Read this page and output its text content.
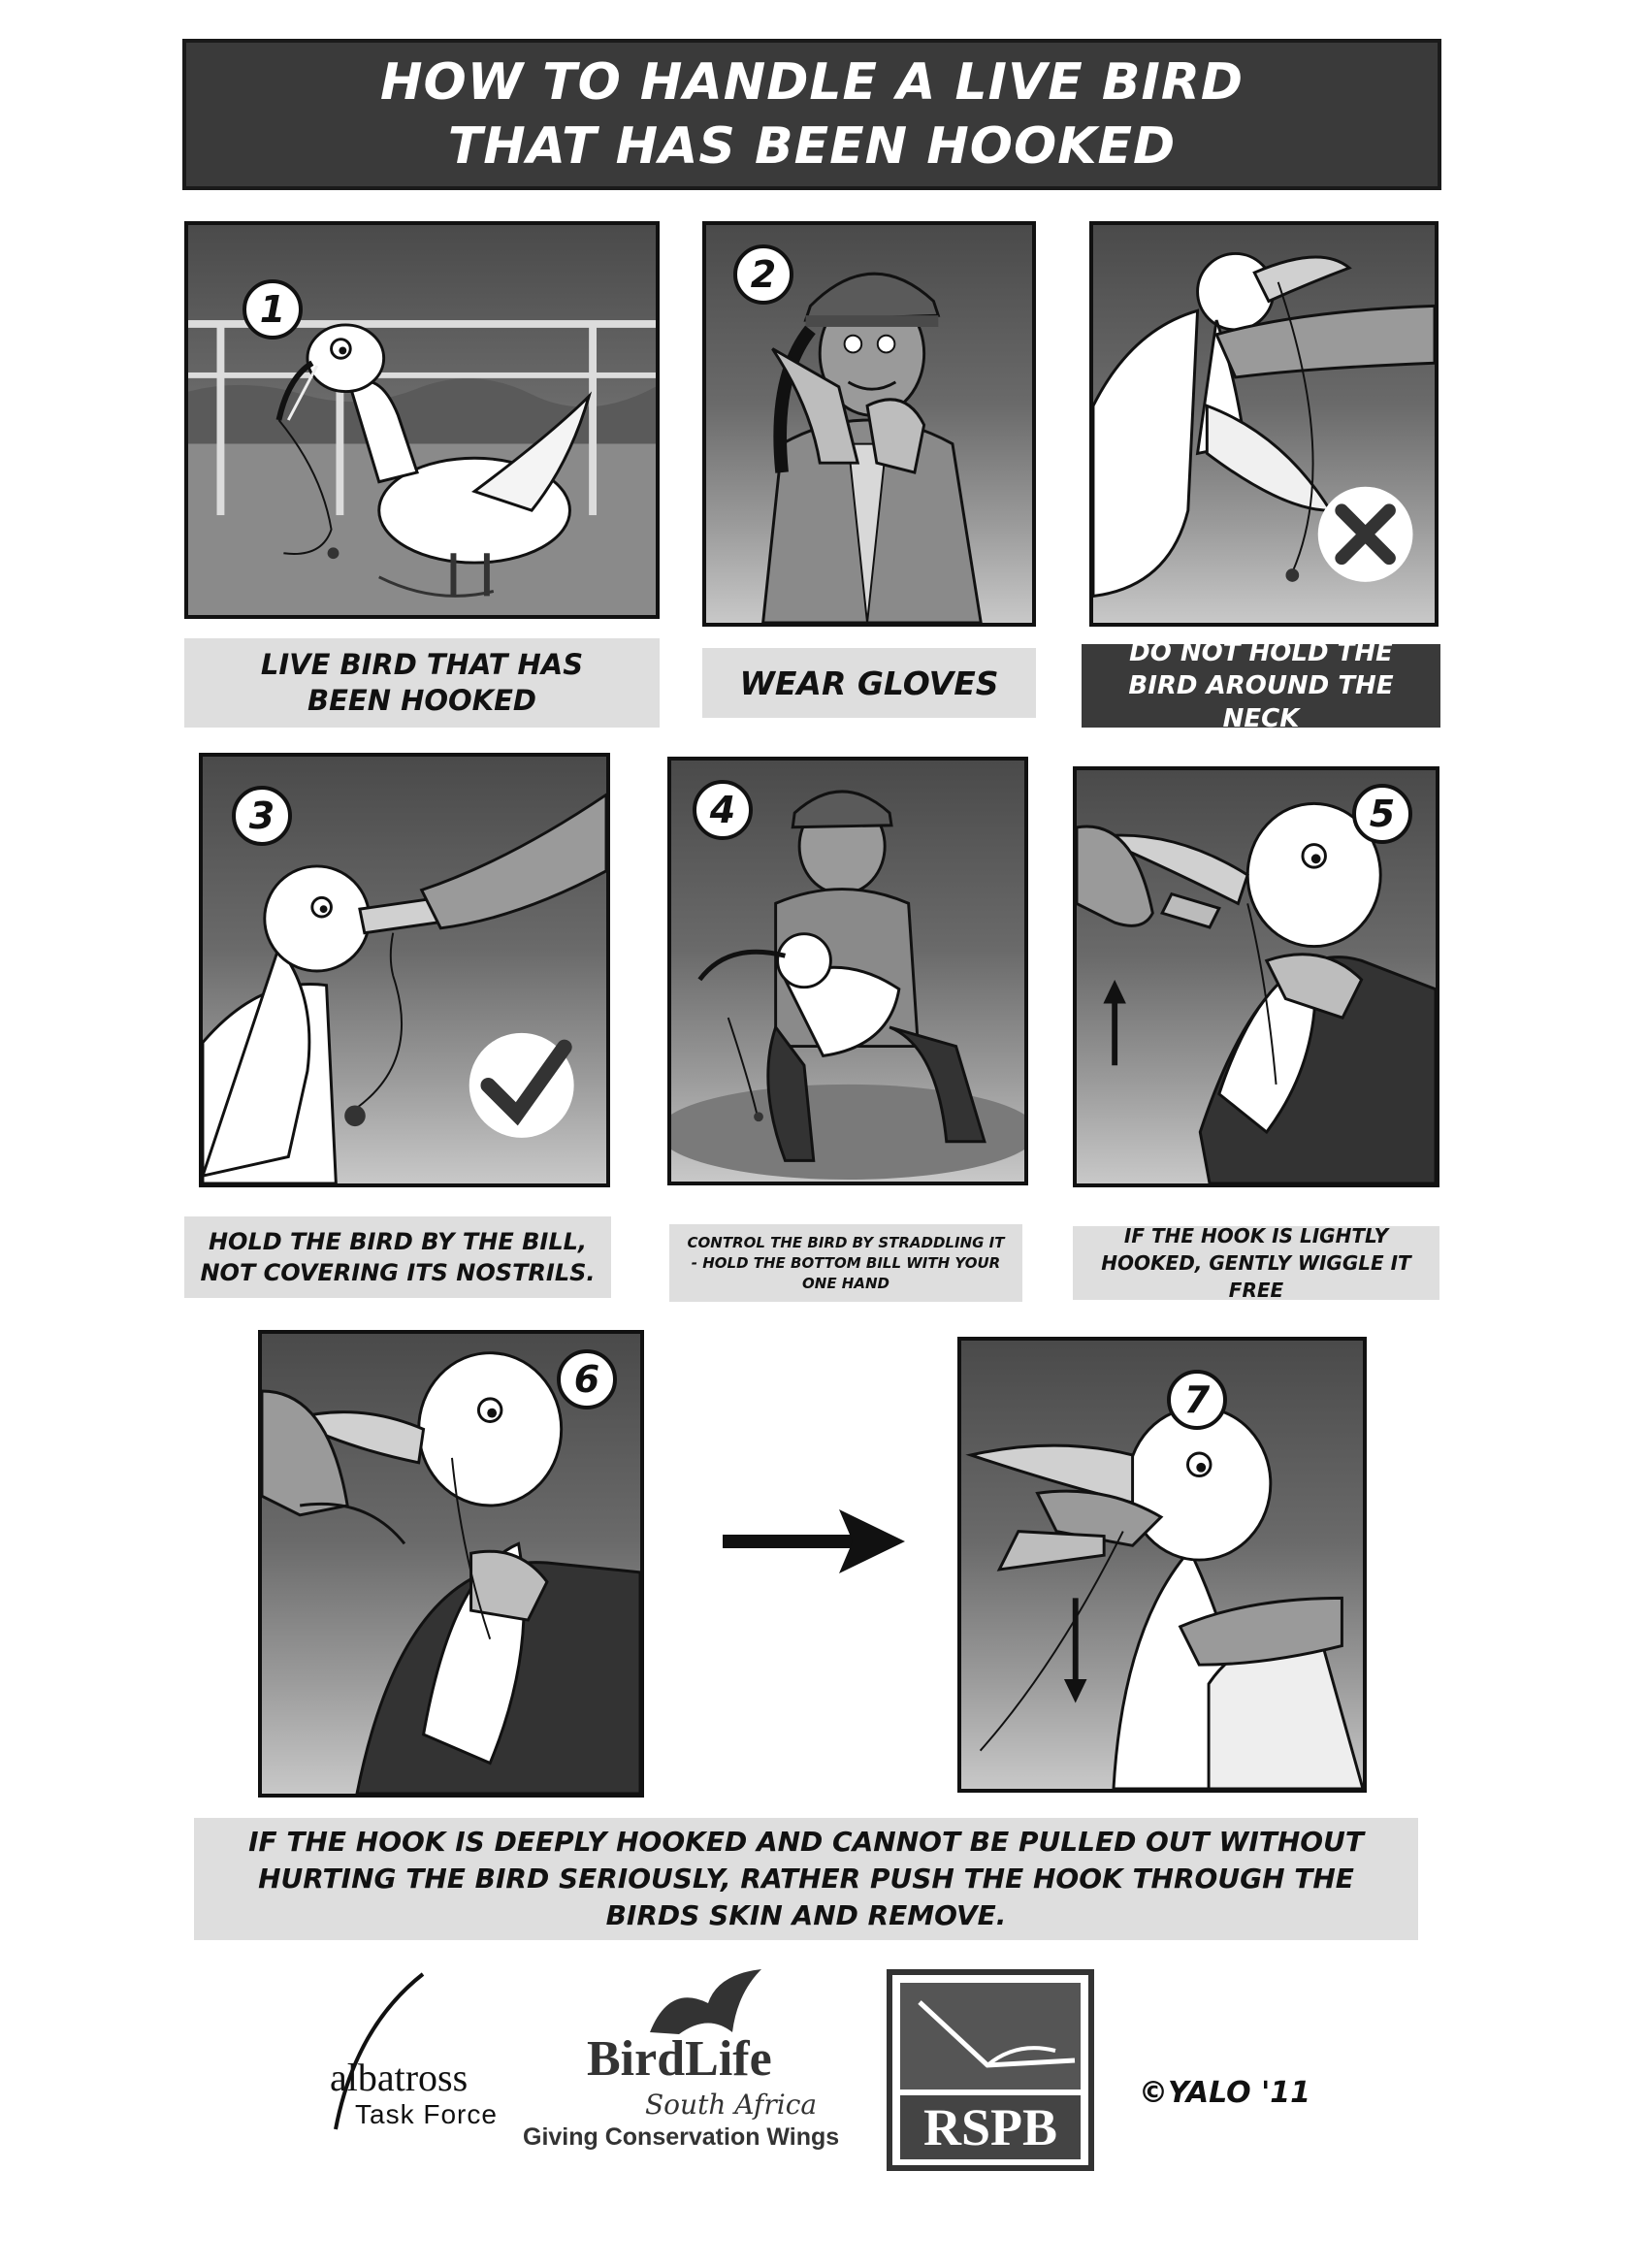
HOW TO HANDLE A LIVE BIRD
THAT HAS BEEN HOOKED
1
2
LIVE BIRD THAT HAS BEEN HOOKED	WEAR GLOVES
DO NOT HOLD THE BIRD AROUND THE NECK
3	4	5
HOLD THE BIRD BY THE BILL, NOT COVERING ITS NOSTRILS.
CONTROL THE BIRD BY STRADDLING IT - HOLD THE BOTTOM BILL WITH YOUR ONE HAND
IF THE HOOK IS LIGHTLY HOOKED, GENTLY WIGGLE IT FREE
6	7
IF THE HOOK IS DEEPLY HOOKED AND CANNOT BE PULLED OUT WITHOUT HURTING THE BIRD SERIOUSLY, RATHER PUSH THE HOOK THROUGH THE BIRDS SKIN AND REMOVE.
albatross
Task Force
BirdLife
South Africa
Giving Conservation Wings	RSPB
©YALO '11
